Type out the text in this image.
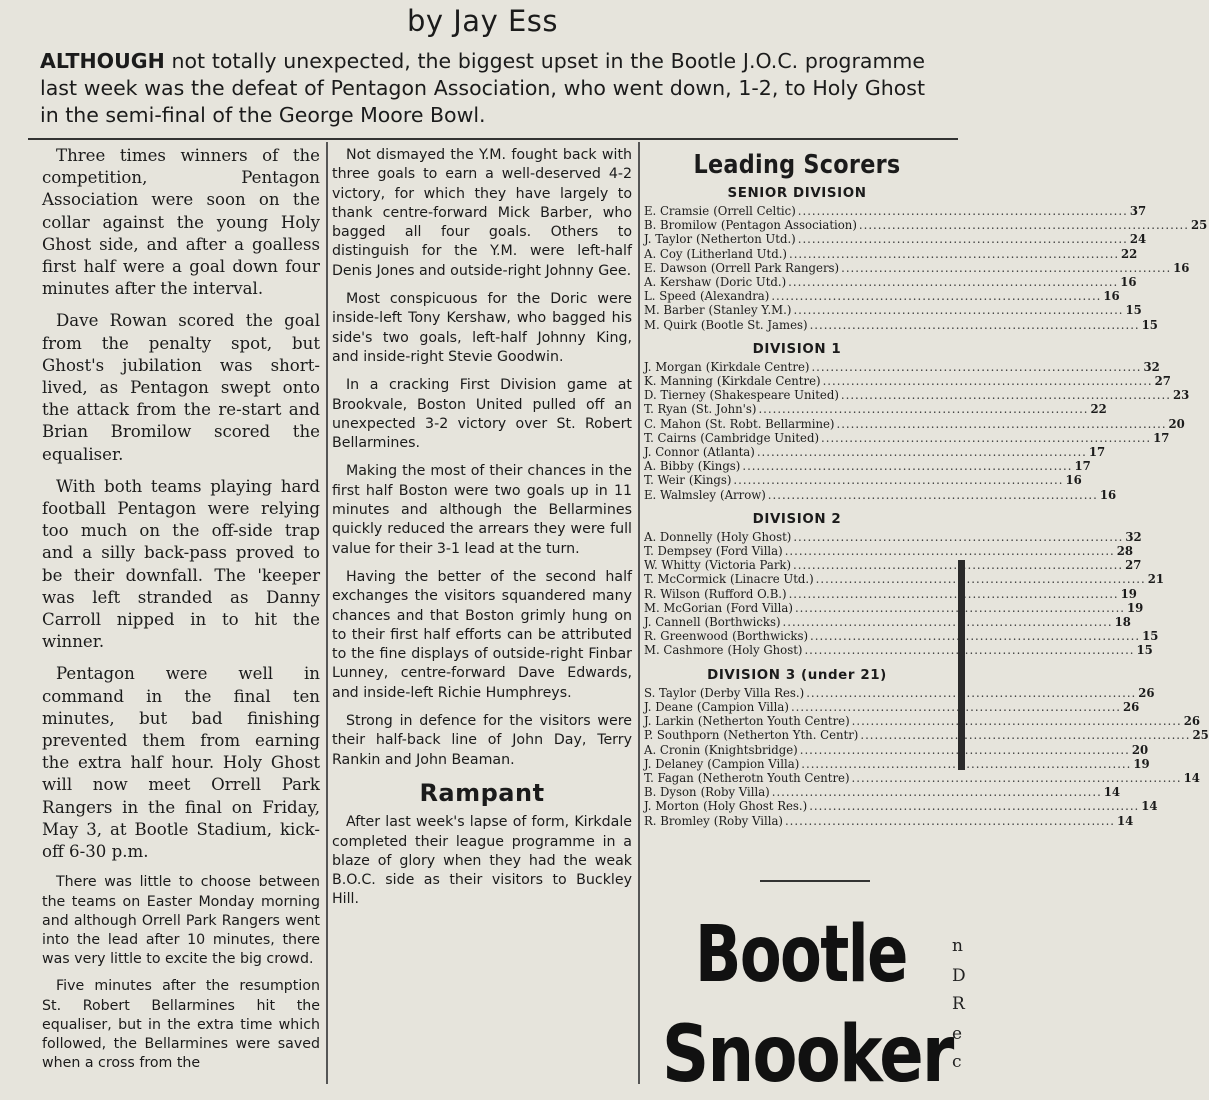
by Jay Ess
ALTHOUGH not totally unexpected, the biggest upset in the Bootle J.O.C. programme last week was the defeat of Pentagon Association, who went down, 1-2, to Holy Ghost in the semi-final of the George Moore Bowl.

Three times winners of the competition, Pentagon Association were soon on the collar against the young Holy Ghost side, and after a goalless first half were a goal down four minutes after the interval.

Dave Rowan scored the goal from the penalty spot, but Ghost's jubilation was short-lived, as Pentagon swept onto the attack from the re-start and Brian Bromilow scored the equaliser.

With both teams playing hard football Pentagon were relying too much on the off-side trap and a silly back-pass proved to be their downfall. The 'keeper was left stranded as Danny Carroll nipped in to hit the winner.

Pentagon were well in command in the final ten minutes, but bad finishing prevented them from earning the extra half hour. Holy Ghost will now meet Orrell Park Rangers in the final on Friday, May 3, at Bootle Stadium, kick-off 6-30 p.m.

There was little to choose between the teams on Easter Monday morning and although Orrell Park Rangers went into the lead after 10 minutes, there was very little to excite the big crowd.

Five minutes after the resumption St. Robert Bellarmines hit the equaliser, but in the extra time which followed, the Bellarmines were saved when a cross from the

Not dismayed the Y.M. fought back with three goals to earn a well-deserved 4-2 victory, for which they have largely to thank centre-forward Mick Barber, who bagged all four goals. Others to distinguish for the Y.M. were left-half Denis Jones and outside-right Johnny Gee.

Most conspicuous for the Doric were inside-left Tony Kershaw, who bagged his side's two goals, left-half Johnny King, and inside-right Stevie Goodwin.

In a cracking First Division game at Brookvale, Boston United pulled off an unexpected 3-2 victory over St. Robert Bellarmines.

Making the most of their chances in the first half Boston were two goals up in 11 minutes and although the Bellarmines quickly reduced the arrears they were full value for their 3-1 lead at the turn.

Having the better of the second half exchanges the visitors squandered many chances and that Boston grimly hung on to their first half efforts can be attributed to the fine displays of outside-right Finbar Lunney, centre-forward Dave Edwards, and inside-left Richie Humphreys.

Strong in defence for the visitors were their half-back line of John Day, Terry Rankin and John Beaman.

Rampant

After last week's lapse of form, Kirkdale completed their league programme in a blaze of glory when they had the weak B.O.C. side as their visitors to Buckley Hill.

Leading Scorers
SENIOR DIVISION
E. Cramsie (Orrell Celtic) .....	37
B. Bromilow (Pentagon Association) .....	25
J. Taylor (Netherton Utd.) .....	24
A. Coy (Litherland Utd.) .....	22
E. Dawson (Orrell Park Rangers) .....	16
A. Kershaw (Doric Utd.) .....	16
L. Speed (Alexandra) .....	16
M. Barber (Stanley Y.M.) .....	15
M. Quirk (Bootle St. James) .....	15
DIVISION 1
J. Morgan (Kirkdale Centre) .....	32
K. Manning (Kirkdale Centre) .....	27
D. Tierney (Shakespeare United) .....	23
T. Ryan (St. John's) .....	22
C. Mahon (St. Robt. Bellarmine) .....	20
T. Cairns (Cambridge United) .....	17
J. Connor (Atlanta) .....	17
A. Bibby (Kings) .....	17
T. Weir (Kings) .....	16
E. Walmsley (Arrow) .....	16
DIVISION 2
A. Donnelly (Holy Ghost) .....	32
T. Dempsey (Ford Villa) .....	28
W. Whitty (Victoria Park) .....	27
T. McCormick (Linacre Utd.) .....	21
R. Wilson (Rufford O.B.) .....	19
M. McGorian (Ford Villa) .....	19
J. Cannell (Borthwicks) .....	18
R. Greenwood (Borthwicks) .....	15
M. Cashmore (Holy Ghost) .....	15
DIVISION 3 (under 21)
S. Taylor (Derby Villa Res.) .....	26
J. Deane (Campion Villa) .....	26
J. Larkin (Netherton Youth Centre) .....	26
P. Southporn (Netherton Yth. Centr) .....	25
A. Cronin (Knightsbridge) .....	20
J. Delaney (Campion Villa) .....	19
T. Fagan (Netherotn Youth Centre) .....	14
B. Dyson (Roby Villa) .....	14
J. Morton (Holy Ghost Res.) .....	14
R. Bromley (Roby Villa) .....	14
Bootle
Snooker
n
D
R
e
c
